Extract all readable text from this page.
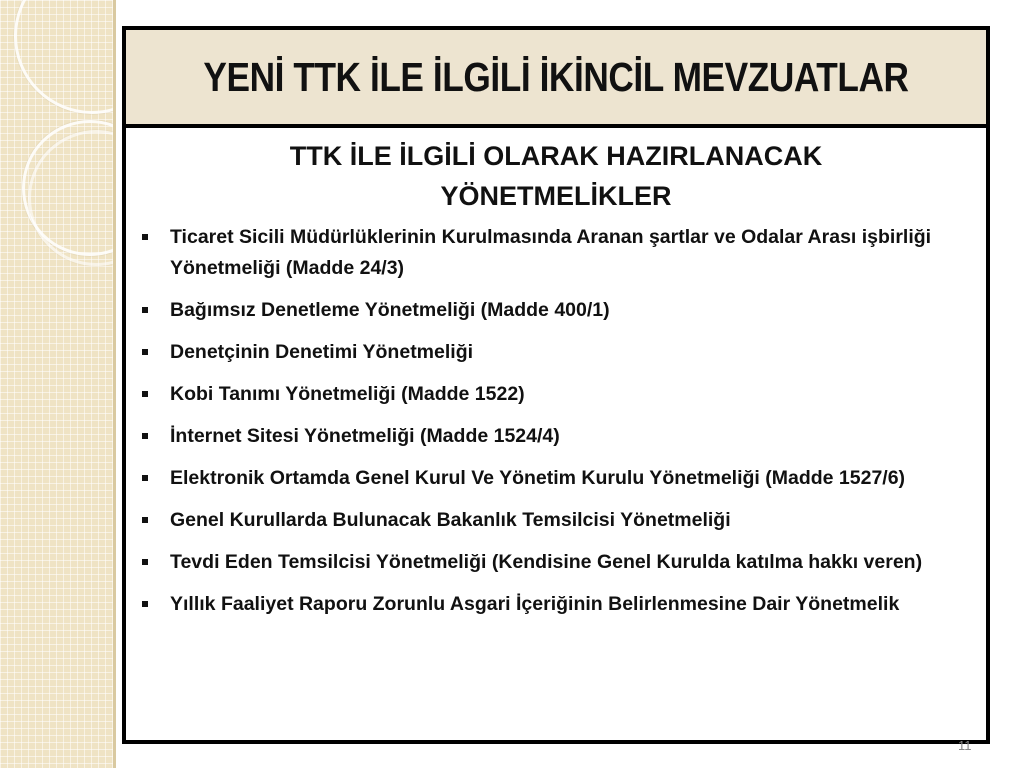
YENİ TTK İLE İLGİLİ İKİNCİL MEVZUATLAR
TTK İLE İLGİLİ OLARAK HAZIRLANACAK
YÖNETMELİKLER
Ticaret Sicili Müdürlüklerinin Kurulmasında Aranan şartlar ve Odalar Arası işbirliği Yönetmeliği (Madde 24/3)
Bağımsız Denetleme Yönetmeliği (Madde 400/1)
Denetçinin Denetimi Yönetmeliği
Kobi Tanımı Yönetmeliği (Madde 1522)
İnternet Sitesi Yönetmeliği (Madde 1524/4)
Elektronik Ortamda Genel Kurul Ve Yönetim Kurulu Yönetmeliği (Madde 1527/6)
Genel Kurullarda Bulunacak Bakanlık Temsilcisi Yönetmeliği
Tevdi Eden Temsilcisi Yönetmeliği (Kendisine Genel Kurulda katılma hakkı veren)
Yıllık Faaliyet Raporu Zorunlu Asgari İçeriğinin Belirlenmesine Dair Yönetmelik
11
